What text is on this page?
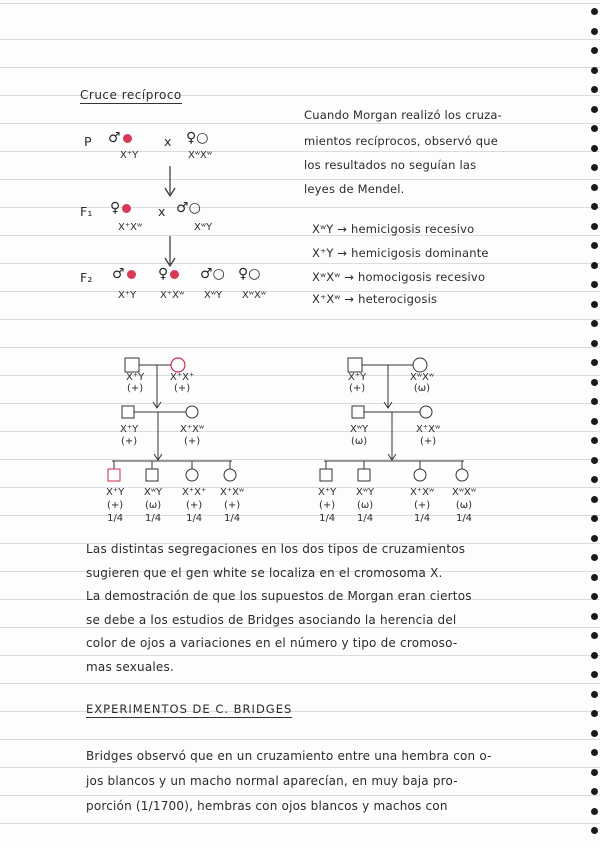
Cruce recíproco
P ♂	x ♀○
X⁺Y	XʷXʷ
F₁ ♀	x ♂○
X⁺Xʷ	XʷY
F₂ ♂	♀	♂○ ♀○
X⁺Y X⁺Xʷ XʷY XʷXʷ
Cuando Morgan realizó los cruza-
mientos recíprocos, observó que
los resultados no seguían las
leyes de Mendel.
XʷY → hemicigosis recesivo
X⁺Y → hemicigosis dominante
XʷXʷ → homocigosis recesivo
X⁺Xʷ → heterocigosis
X⁺Y
(+)
X⁺X⁺
(+)
X⁺Y
(+)
X⁺Xʷ
(+)
X⁺Y
(+)
1/4
XʷY
(ω)
1/4
X⁺X⁺
(+)
1/4
X⁺Xʷ
(+)
1/4
X⁺Y
(+)
XʷXʷ
(ω)
XʷY
(ω)
X⁺Xʷ
(+)
X⁺Y
(+)
1/4
XʷY
(ω)
1/4
X⁺Xʷ
(+)
1/4
XʷXʷ
(ω)
1/4
Las distintas segregaciones en los dos tipos de cruzamientos
sugieren que el gen white se localiza en el cromosoma X.
La demostración de que los supuestos de Morgan eran ciertos
se debe a los estudios de Bridges asociando la herencia del
color de ojos a variaciones en el número y tipo de cromoso-
mas sexuales.
EXPERIMENTOS DE C. BRIDGES
Bridges observó que en un cruzamiento entre una hembra con o-
jos blancos y un macho normal aparecían, en muy baja pro-
porción (1/1700), hembras con ojos blancos y machos con
